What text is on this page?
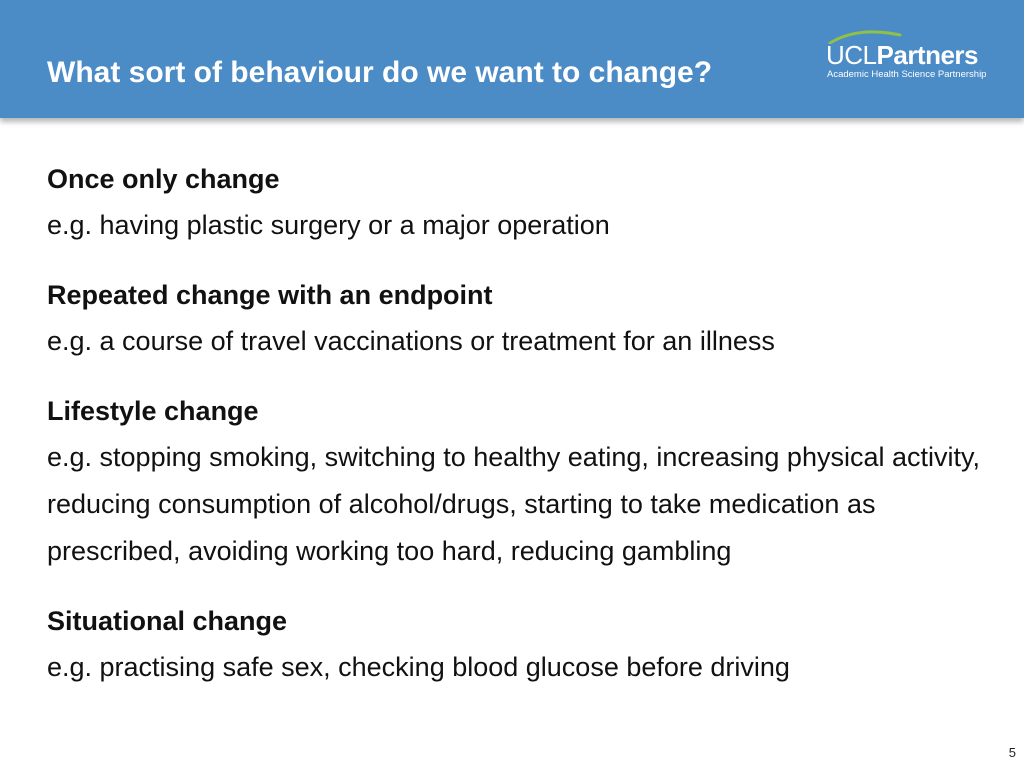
What sort of behaviour do we want to change?
UCLPartners
Academic Health Science Partnership

Once only change

e.g. having plastic surgery or a major operation

Repeated change with an endpoint

e.g. a course of travel vaccinations or treatment for an illness

Lifestyle change

e.g. stopping smoking, switching to healthy eating, increasing physical activity, reducing consumption of alcohol/drugs, starting to take medication as prescribed, avoiding working too hard, reducing gambling

Situational change

e.g. practising safe sex, checking blood glucose before driving

5
